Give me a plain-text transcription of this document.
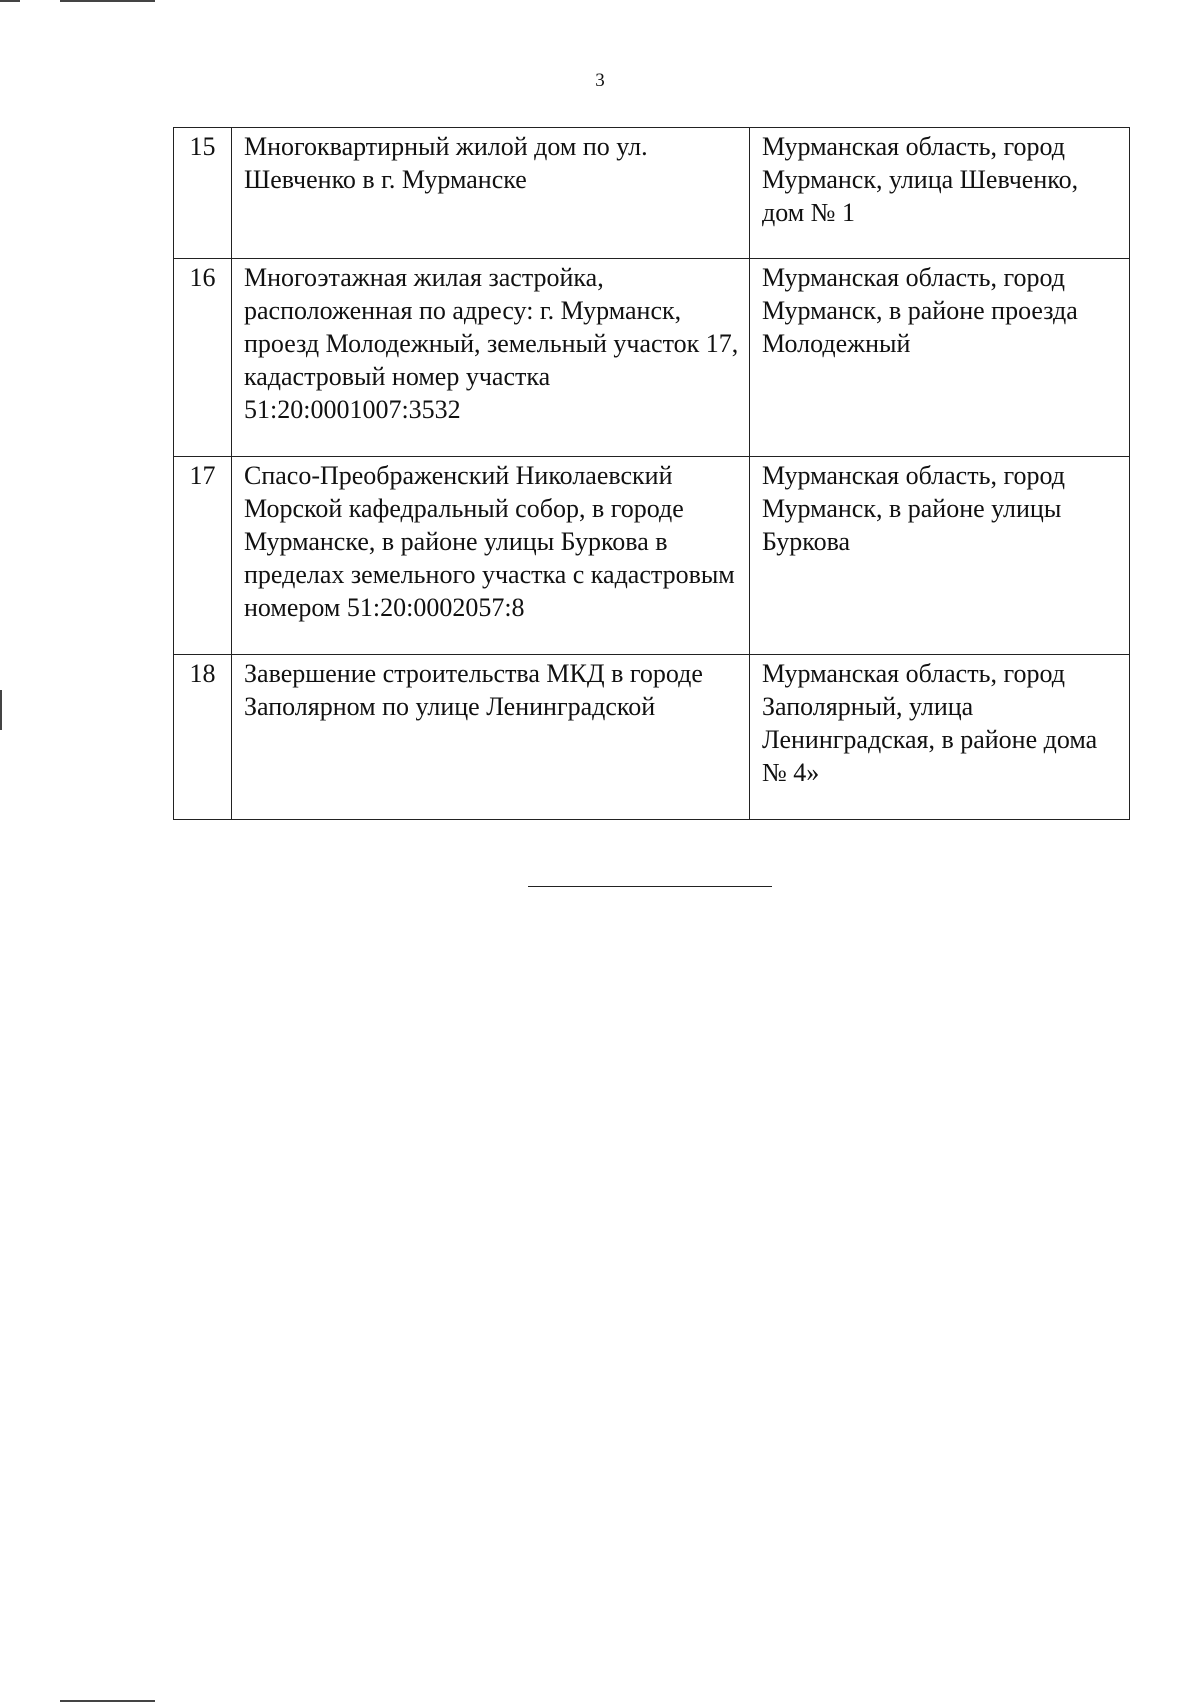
3
15	Многоквартирный жилой дом по ул. Шевченко в г. Мурманске	Мурманская область, город Мурманск, улица Шевченко, дом № 1
16	Многоэтажная жилая застройка, расположенная по адресу: г. Мурманск, проезд Молодежный, земельный участок 17, кадастровый номер участка 51:20:0001007:3532	Мурманская область, город Мурманск, в районе проезда Молодежный
17	Спасо-Преображенский Николаевский Морской кафедральный собор, в городе Мурманске, в районе улицы Буркова в пределах земельного участка с кадастровым номером 51:20:0002057:8	Мурманская область, город Мурманск, в районе улицы Буркова
18	Завершение строительства МКД в городе Заполярном по улице Ленинградской	Мурманская область, город Заполярный, улица Ленинградская, в районе дома № 4»
